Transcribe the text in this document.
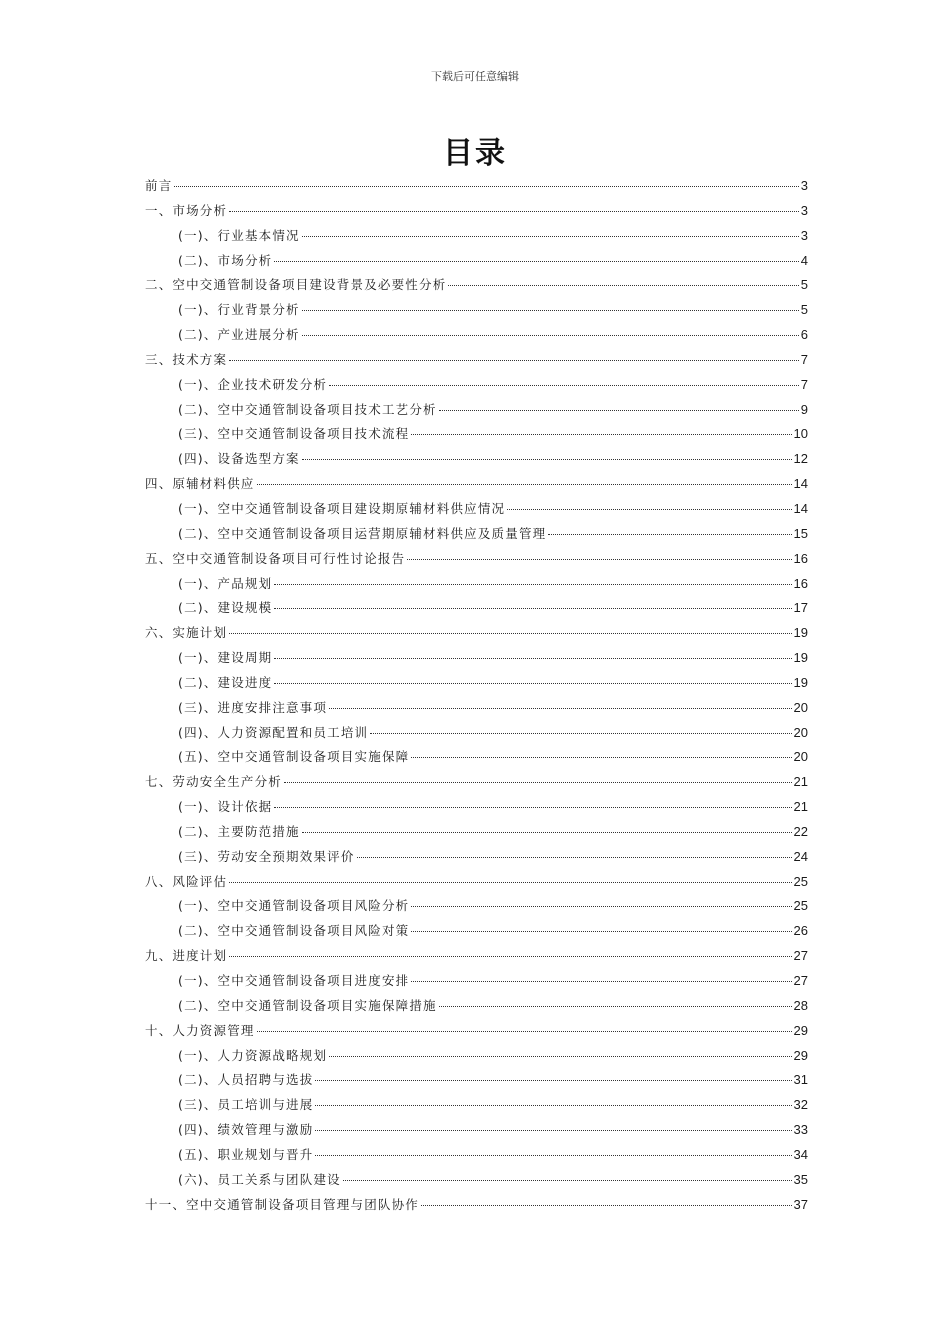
下载后可任意编辑
目录
前言	3
一、市场分析	3
(一)、行业基本情况	3
(二)、市场分析	4
二、空中交通管制设备项目建设背景及必要性分析	5
(一)、行业背景分析	5
(二)、产业进展分析	6
三、技术方案	7
(一)、企业技术研发分析	7
(二)、空中交通管制设备项目技术工艺分析	9
(三)、空中交通管制设备项目技术流程	10
(四)、设备选型方案	12
四、原辅材料供应	14
(一)、空中交通管制设备项目建设期原辅材料供应情况	14
(二)、空中交通管制设备项目运营期原辅材料供应及质量管理	15
五、空中交通管制设备项目可行性讨论报告	16
(一)、产品规划	16
(二)、建设规模	17
六、实施计划	19
(一)、建设周期	19
(二)、建设进度	19
(三)、进度安排注意事项	20
(四)、人力资源配置和员工培训	20
(五)、空中交通管制设备项目实施保障	20
七、劳动安全生产分析	21
(一)、设计依据	21
(二)、主要防范措施	22
(三)、劳动安全预期效果评价	24
八、风险评估	25
(一)、空中交通管制设备项目风险分析	25
(二)、空中交通管制设备项目风险对策	26
九、进度计划	27
(一)、空中交通管制设备项目进度安排	27
(二)、空中交通管制设备项目实施保障措施	28
十、人力资源管理	29
(一)、人力资源战略规划	29
(二)、人员招聘与选拔	31
(三)、员工培训与进展	32
(四)、绩效管理与激励	33
(五)、职业规划与晋升	34
(六)、员工关系与团队建设	35
十一、空中交通管制设备项目管理与团队协作	37
